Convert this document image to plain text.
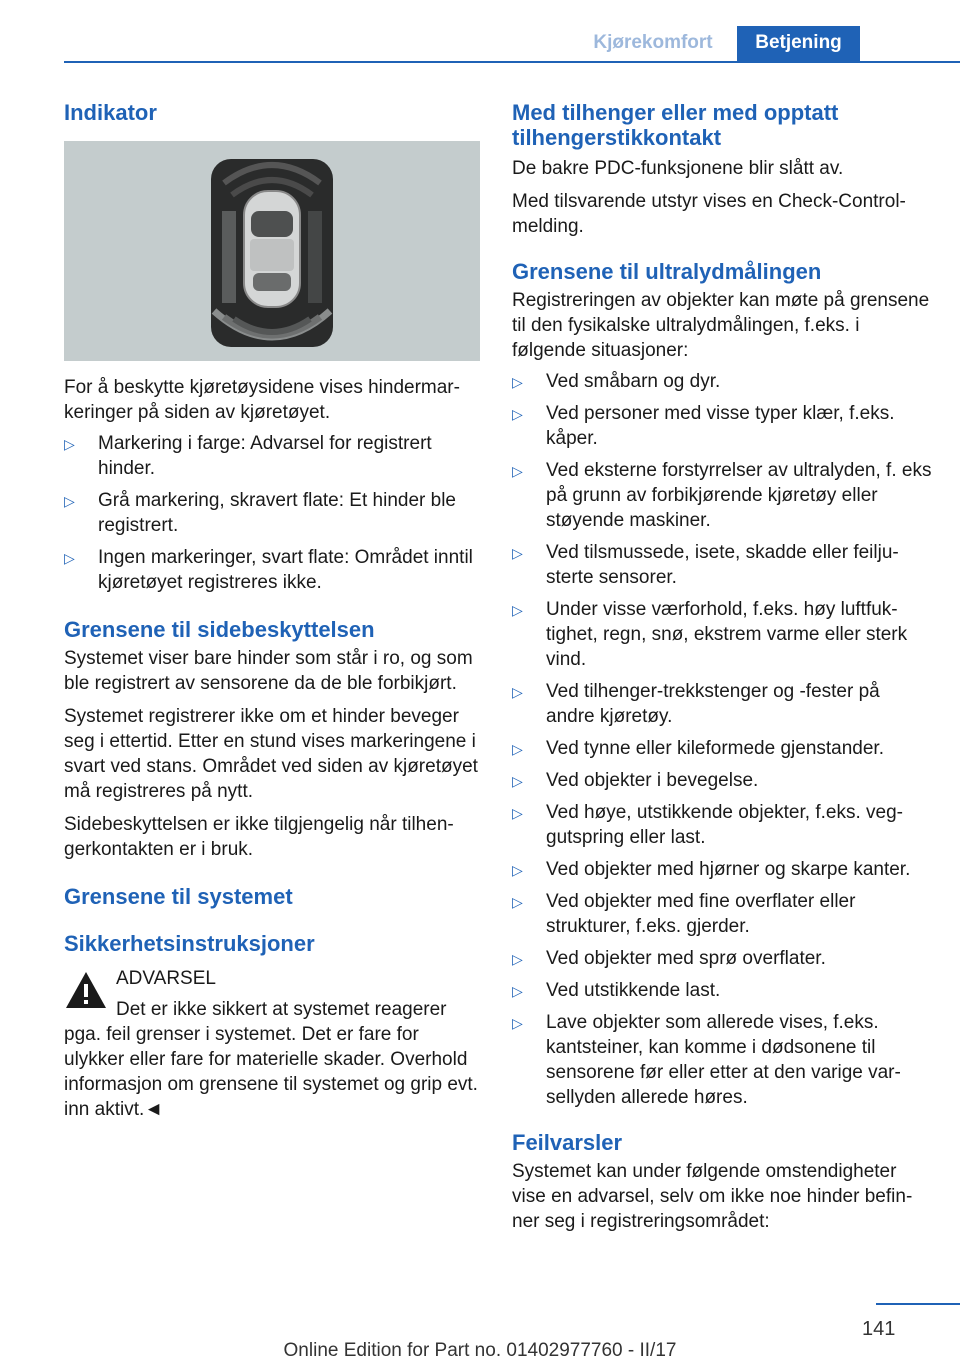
Kjørekomfort	Betjening
Indikator

For å beskytte kjøretøysidene vises hindermarkeringer på siden av kjøretøyet.

▷ Markering i farge: Advarsel for registrert hinder.
▷ Grå markering, skravert flate: Et hinder ble registrert.
▷ Ingen markeringer, svart flate: Området inntil kjøretøyet registreres ikke.
Grensene til sidebeskyttelsen

Systemet viser bare hinder som står i ro, og som ble registrert av sensorene da de ble forbikjørt.

Systemet registrerer ikke om et hinder beveger seg i ettertid. Etter en stund vises markeringene i svart ved stans. Området ved siden av kjøretøyet må registreres på nytt.

Sidebeskyttelsen er ikke tilgjengelig når tilhengerkontakten er i bruk.

Grensene til systemet
Sikkerhetsinstruksjoner
ADVARSEL

Det er ikke sikkert at systemet reagerer pga. feil grenser i systemet. Det er fare for ulykker eller fare for materielle skader. Overhold informasjon om grensene til systemet og grip evt. inn aktivt.◄

Med tilhenger eller med opptatt tilhengerstikkontakt

De bakre PDC-funksjonene blir slått av.

Med tilsvarende utstyr vises en Check-Control-melding.

Grensene til ultralydmålingen

Registreringen av objekter kan møte på grensene til den fysikalske ultralydmålingen, f.eks. i følgende situasjoner:

▷ Ved småbarn og dyr.
▷ Ved personer med visse typer klær, f.eks. kåper.
▷ Ved eksterne forstyrrelser av ultralyden, f. eks på grunn av forbikjørende kjøretøy eller støyende maskiner.
▷ Ved tilsmussede, isete, skadde eller feiljusterte sensorer.
▷ Under visse værforhold, f.eks. høy luftfuktighet, regn, snø, ekstrem varme eller sterk vind.
▷ Ved tilhenger-trekkstenger og -fester på andre kjøretøy.
▷ Ved tynne eller kileformede gjenstander.
▷ Ved objekter i bevegelse.
▷ Ved høye, utstikkende objekter, f.eks. veggutspring eller last.
▷ Ved objekter med hjørner og skarpe kanter.
▷ Ved objekter med fine overflater eller strukturer, f.eks. gjerder.
▷ Ved objekter med sprø overflater.
▷ Ved utstikkende last.
▷ Lave objekter som allerede vises, f.eks. kantsteiner, kan komme i dødsonene til sensorene før eller etter at den varige varsellyden allerede høres.
Feilvarsler

Systemet kan under følgende omstendigheter vise en advarsel, selv om ikke noe hinder befinner seg i registreringsområdet:

141
Online Edition for Part no. 01402977760 - II/17
